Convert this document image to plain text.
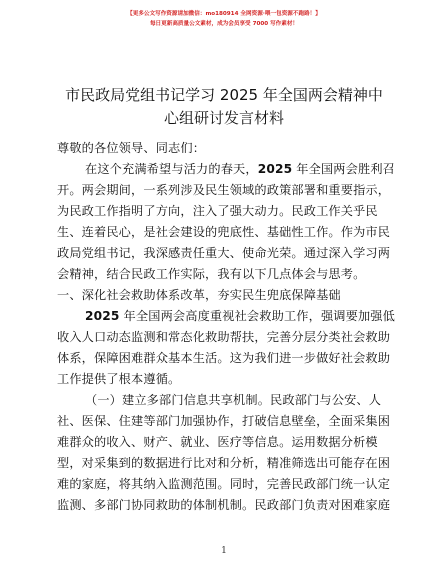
【更多公文写作资源请加微信：mo180914 全网资源·喂一包资源不跑路！】
每日更新高质量公文素材，成为会员享受 7000 写作素材！
市民政局党组书记学习 2025 年全国两会精神中
心组研讨发言材料
尊敬的各位领导、同志们：
在这个充满希望与活力的春天，2025 年全国两会胜利召
开。两会期间，一系列涉及民生领域的政策部署和重要指示，
为民政工作指明了方向，注入了强大动力。民政工作关乎民
生、连着民心，是社会建设的兜底性、基础性工作。作为市民
政局党组书记，我深感责任重大、使命光荣。通过深入学习两
会精神，结合民政工作实际，我有以下几点体会与思考。
一、深化社会救助体系改革，夯实民生兜底保障基础
2025 年全国两会高度重视社会救助工作，强调要加强低
收入人口动态监测和常态化救助帮扶，完善分层分类社会救助
体系，保障困难群众基本生活。这为我们进一步做好社会救助
工作提供了根本遵循。
（一）建立多部门信息共享机制。民政部门与公安、人
社、医保、住建等部门加强协作，打破信息壁垒，全面采集困
难群众的收入、财产、就业、医疗等信息。运用数据分析模
型，对采集到的数据进行比对和分析，精准筛选出可能存在困
难的家庭，将其纳入监测范围。同时，完善民政部门统一认定
监测、多部门协同救助的体制机制。民政部门负责对困难家庭
1
